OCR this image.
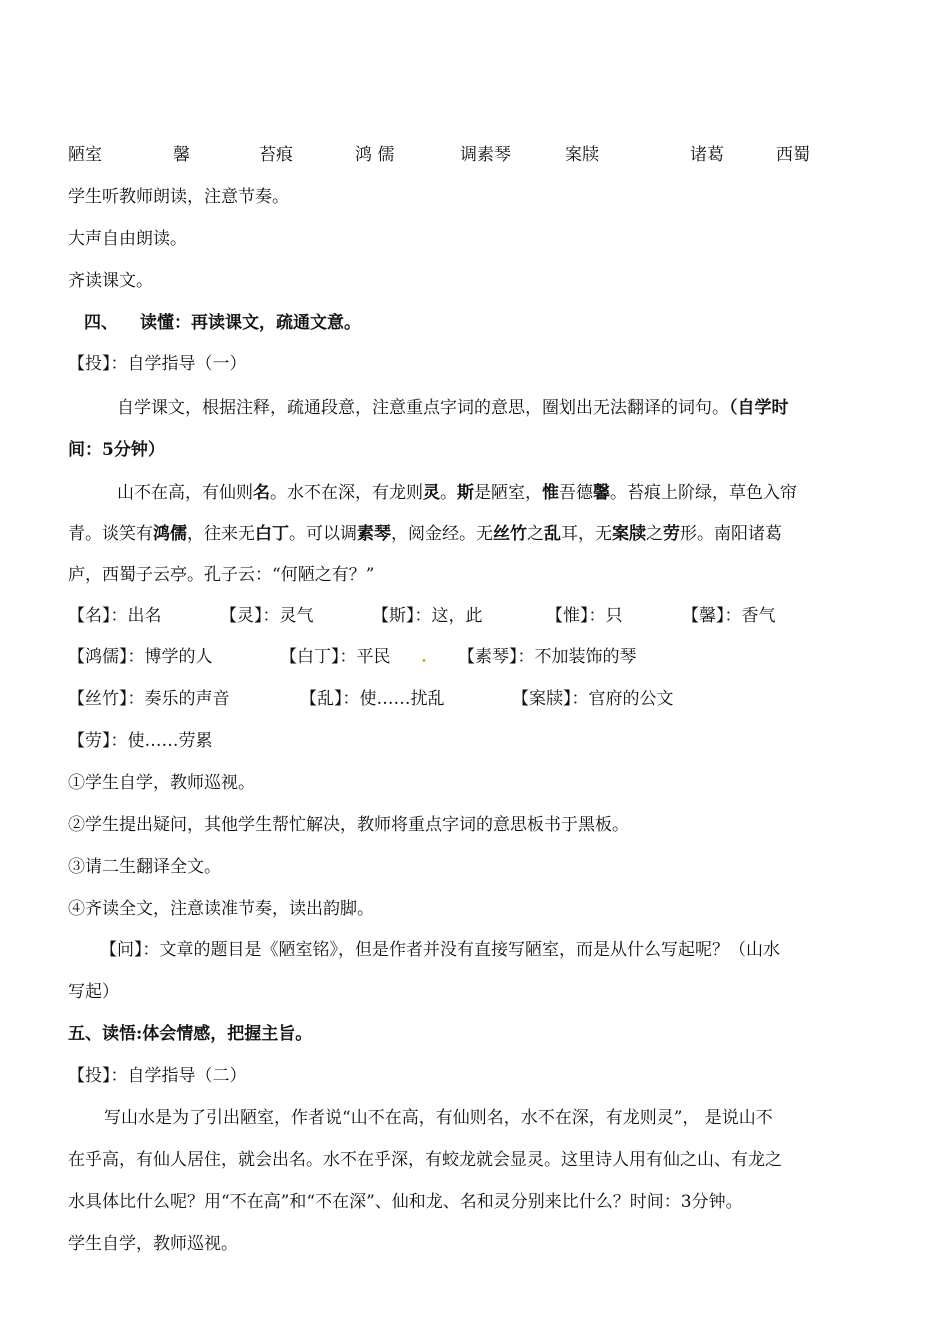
陋室	馨	苔痕	鸿 儒	调素琴	案牍	诸葛	西蜀
学生听教师朗读，注意节奏。
大声自由朗读。
齐读课文。
四、 读懂：再读课文，疏通文意。
【投】：自学指导（一）
自学课文，根据注释，疏通段意，注意重点字词的意思，圈划出无法翻译的词句。（自学时
间：5分钟）
山不在高，有仙则名。水不在深，有龙则灵。斯是陋室，惟吾德馨。苔痕上阶绿，草色入帘
青。谈笑有鸿儒，往来无白丁。可以调素琴，阅金经。无丝竹之乱耳，无案牍之劳形。南阳诸葛
庐，西蜀子云亭。孔子云：“何陋之有？”
【名】：出名	【灵】：灵气	【斯】：这，此	【惟】：只	【馨】：香气
【鸿儒】：博学的人	【白丁】：平民 . 【素琴】：不加装饰的琴
【丝竹】：奏乐的声音	【乱】：使……扰乱	【案牍】：官府的公文
【劳】：使……劳累
①学生自学，教师巡视。
②学生提出疑问，其他学生帮忙解决，教师将重点字词的意思板书于黑板。
③请二生翻译全文。
④齐读全文，注意读准节奏，读出韵脚。
【问】：文章的题目是《陋室铭》，但是作者并没有直接写陋室，而是从什么写起呢？（山水
写起）
五、读悟:体会情感，把握主旨。
【投】：自学指导（二）
写山水是为了引出陋室，作者说“山不在高，有仙则名，水不在深，有龙则灵”， 是说山不
在乎高，有仙人居住，就会出名。水不在乎深，有蛟龙就会显灵。这里诗人用有仙之山、有龙之
水具体比什么呢？用“不在高”和“不在深”、仙和龙、名和灵分别来比什么？时间：3分钟。
学生自学，教师巡视。
